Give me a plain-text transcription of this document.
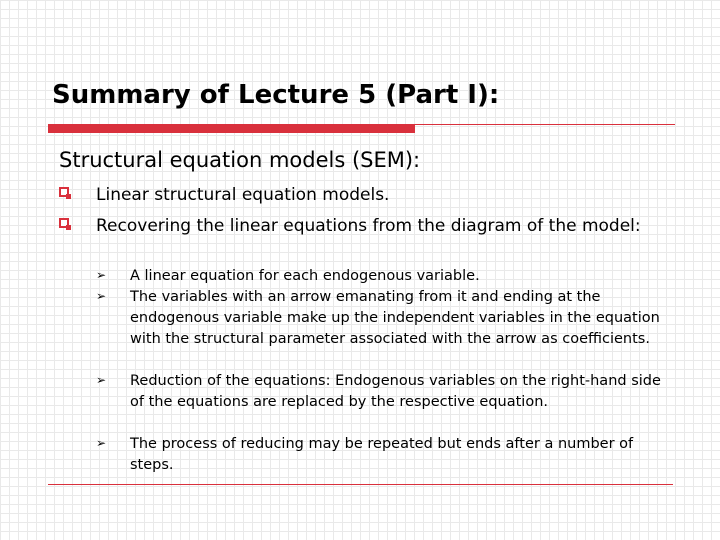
Summary of Lecture 5 (Part I):
Structural equation models (SEM):
Linear structural equation models.
Recovering the linear equations from the diagram of the model:
➢ A linear equation for each endogenous variable.
➢ The variables with an arrow emanating from it and ending at the endogenous variable make up the independent variables in the equation with the structural parameter associated with the arrow as coefficients.
➢ Reduction of the equations: Endogenous variables on the right-hand side of the equations are replaced by the respective equation.
➢ The process of reducing may be repeated but ends after a number of steps.
